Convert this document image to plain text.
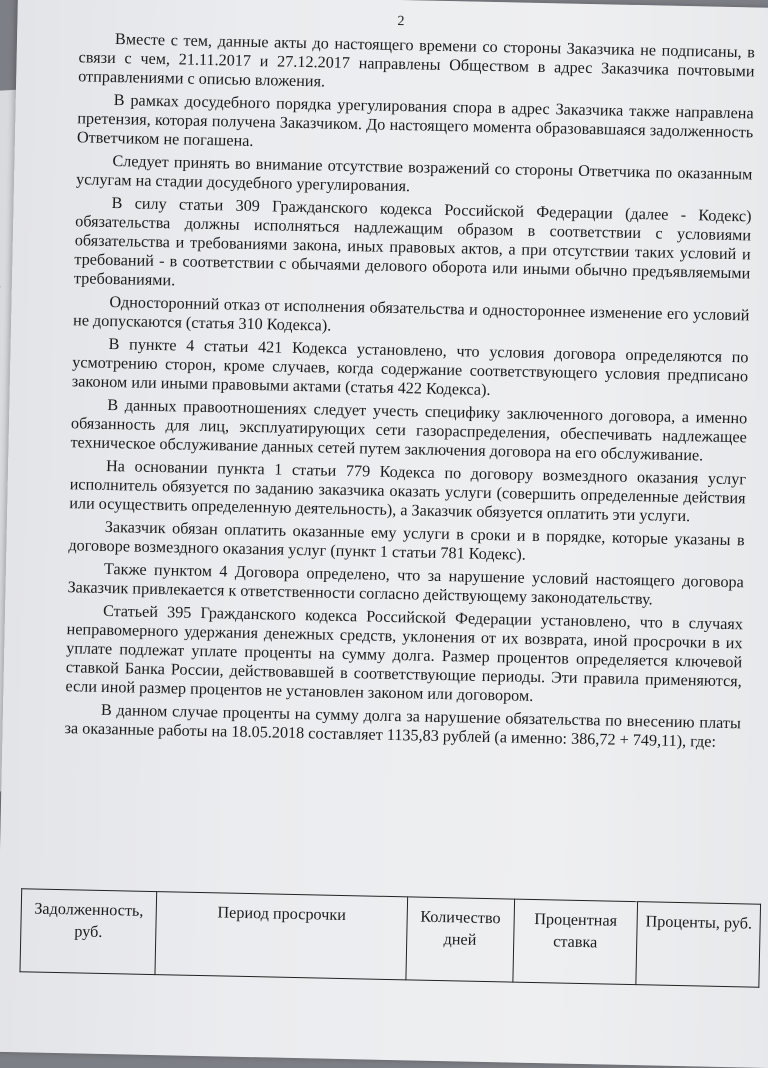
2

Вместе с тем, данные акты до настоящего времени со стороны Заказчика не подписаны, в связи с чем, 21.11.2017 и 27.12.2017 направлены Обществом в адрес Заказчика почтовыми отправлениями с описью вложения.

В рамках досудебного порядка урегулирования спора в адрес Заказчика также направлена претензия, которая получена Заказчиком. До настоящего момента образовавшаяся задолженность Ответчиком не погашена.

Следует принять во внимание отсутствие возражений со стороны Ответчика по оказанным услугам на стадии досудебного урегулирования.

В силу статьи 309 Гражданского кодекса Российской Федерации (далее - Кодекс) обязательства должны исполняться надлежащим образом в соответствии с условиями обязательства и требованиями закона, иных правовых актов, а при отсутствии таких условий и требований - в соответствии с обычаями делового оборота или иными обычно предъявляемыми требованиями.

Односторонний отказ от исполнения обязательства и одностороннее изменение его условий не допускаются (статья 310 Кодекса).

В пункте 4 статьи 421 Кодекса установлено, что условия договора определяются по усмотрению сторон, кроме случаев, когда содержание соответствующего условия предписано законом или иными правовыми актами (статья 422 Кодекса).

В данных правоотношениях следует учесть специфику заключенного договора, а именно обязанность для лиц, эксплуатирующих сети газораспределения, обеспечивать надлежащее техническое обслуживание данных сетей путем заключения договора на его обслуживание.

На основании пункта 1 статьи 779 Кодекса по договору возмездного оказания услуг исполнитель обязуется по заданию заказчика оказать услуги (совершить определенные действия или осуществить определенную деятельность), а Заказчик обязуется оплатить эти услуги.

Заказчик обязан оплатить оказанные ему услуги в сроки и в порядке, которые указаны в договоре возмездного оказания услуг (пункт 1 статьи 781 Кодекс).

Также пунктом 4 Договора определено, что за нарушение условий настоящего договора Заказчик привлекается к ответственности согласно действующему законодательству.

Статьей 395 Гражданского кодекса Российской Федерации установлено, что в случаях неправомерного удержания денежных средств, уклонения от их возврата, иной просрочки в их уплате подлежат уплате проценты на сумму долга. Размер процентов определяется ключевой ставкой Банка России, действовавшей в соответствующие периоды. Эти правила применяются, если иной размер процентов не установлен законом или договором.

В данном случае проценты на сумму долга за нарушение обязательства по внесению платы за оказанные работы на 18.05.2018 составляет 1135,83 рублей (а именно: 386,72 + 749,11), где:

Задолженность, руб.	Период просрочки	Количество дней	Процентная ставка	Проценты, руб.
